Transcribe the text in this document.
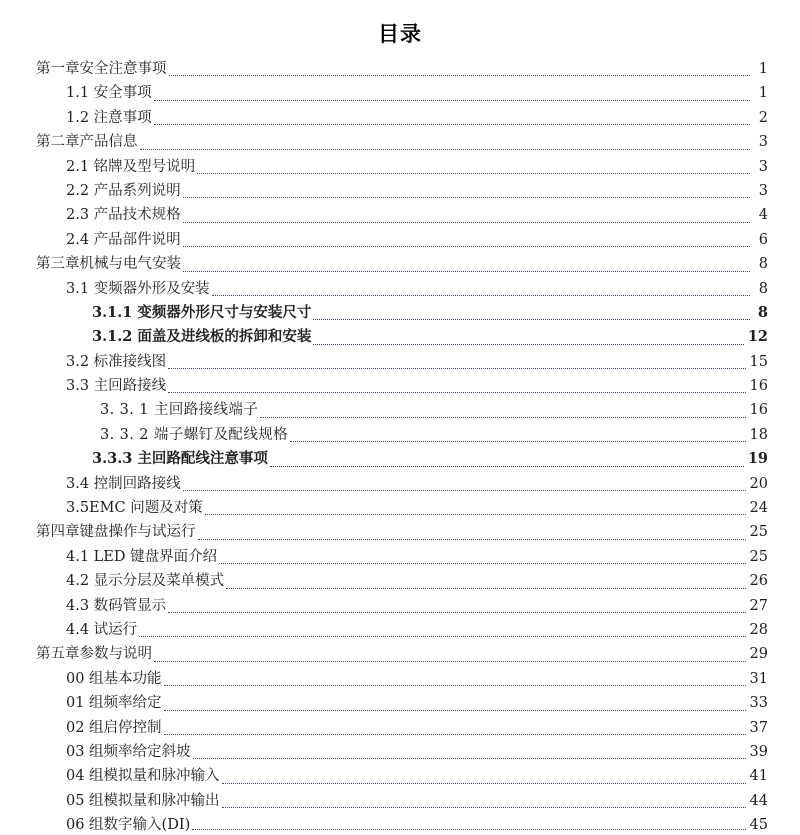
目录
第一章安全注意事项	1
1.1 安全事项	1
1.2 注意事项	2
第二章产品信息	3
2.1 铭牌及型号说明	3
2.2 产品系列说明	3
2.3 产品技术规格	4
2.4 产品部件说明	6
第三章机械与电气安装	8
3.1 变频器外形及安装	8
3.1.1 变频器外形尺寸与安装尺寸	8
3.1.2 面盖及进线板的拆卸和安装	12
3.2 标准接线图	15
3.3 主回路接线	16
3. 3. 1 主回路接线端子	16
3. 3. 2 端子螺钉及配线规格	18
3.3.3 主回路配线注意事项	19
3.4 控制回路接线	20
3.5EMC 问题及对策	24
第四章键盘操作与试运行	25
4.1 LED 键盘界面介绍	25
4.2 显示分层及菜单模式	26
4.3 数码管显示	27
4.4 试运行	28
第五章参数与说明	29
00 组基本功能	31
01 组频率给定	33
02 组启停控制	37
03 组频率给定斜坡	39
04 组模拟量和脉冲输入	41
05 组模拟量和脉冲输出	44
06 组数字输入(DI)	45
